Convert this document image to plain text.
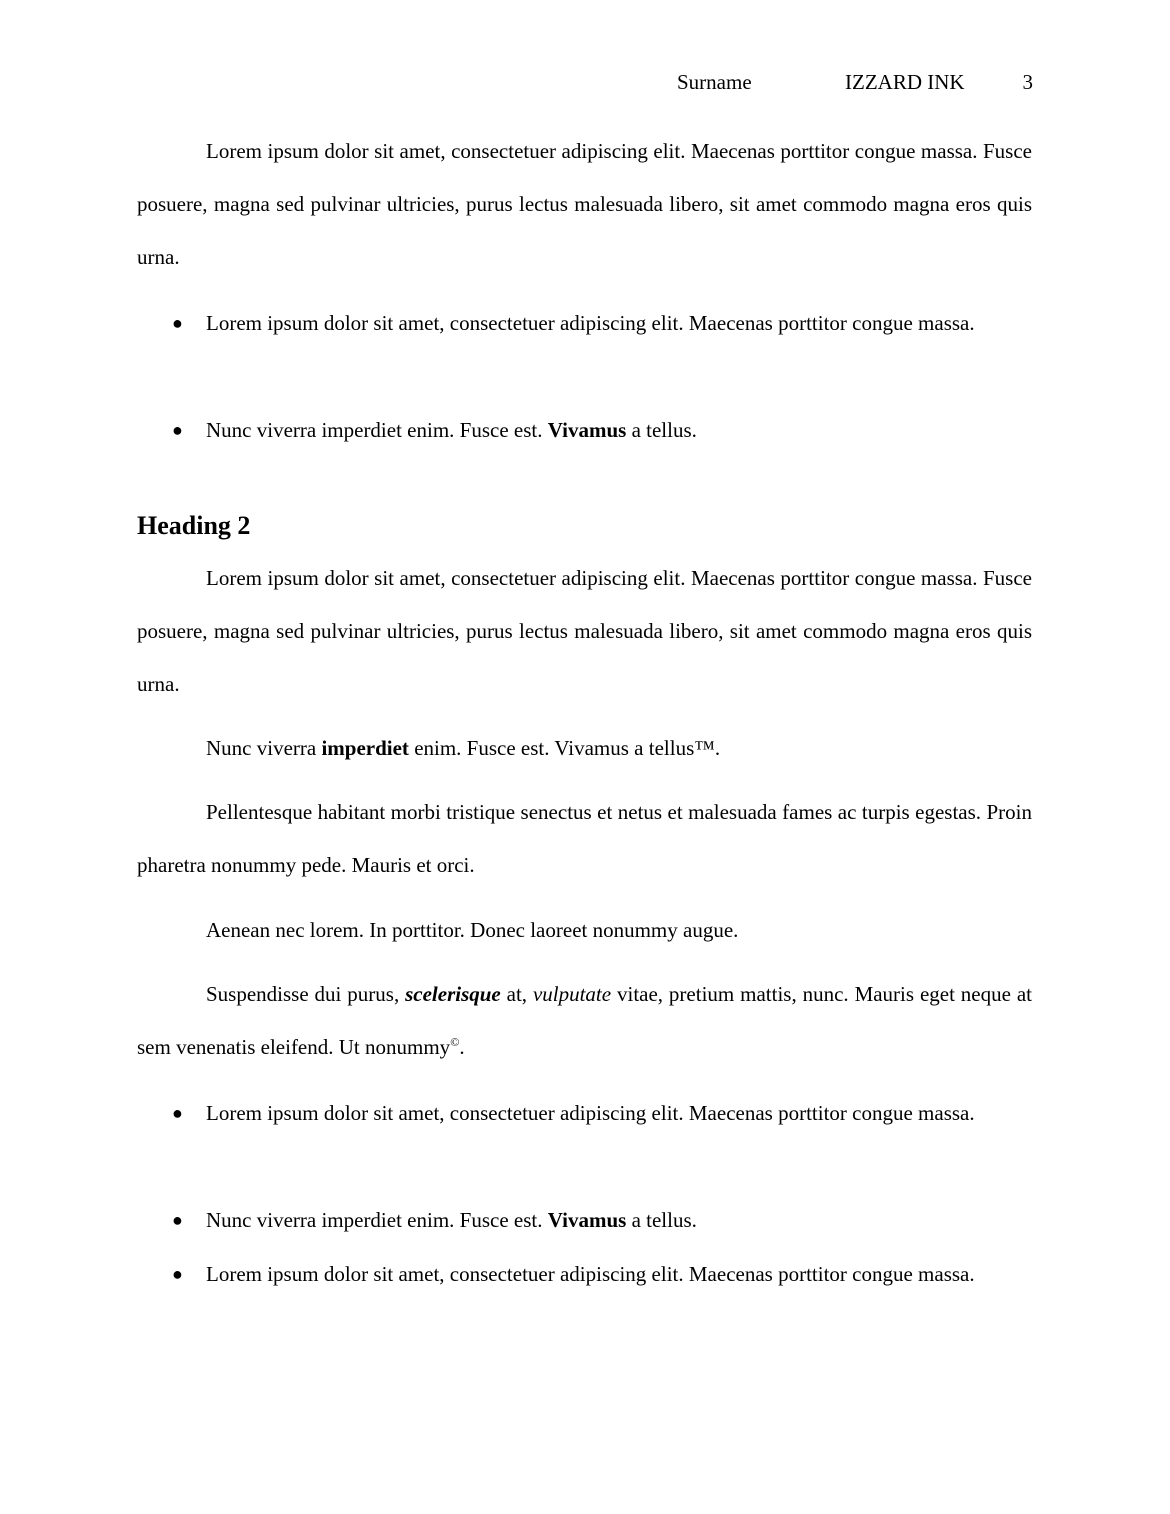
Surname	IZZARD INK	3

Lorem ipsum dolor sit amet, consectetuer adipiscing elit. Maecenas porttitor congue massa. Fusce posuere, magna sed pulvinar ultricies, purus lectus malesuada libero, sit amet commodo magna eros quis urna.

● Lorem ipsum dolor sit amet, consectetuer adipiscing elit. Maecenas porttitor congue massa.
● Nunc viverra imperdiet enim. Fusce est. Vivamus a tellus.
Heading 2

Lorem ipsum dolor sit amet, consectetuer adipiscing elit. Maecenas porttitor congue massa. Fusce posuere, magna sed pulvinar ultricies, purus lectus malesuada libero, sit amet commodo magna eros quis urna.

Nunc viverra imperdiet enim. Fusce est. Vivamus a tellus™.

Pellentesque habitant morbi tristique senectus et netus et malesuada fames ac turpis egestas. Proin pharetra nonummy pede. Mauris et orci.

Aenean nec lorem. In porttitor. Donec laoreet nonummy augue.

Suspendisse dui purus, scelerisque at, vulputate vitae, pretium mattis, nunc. Mauris eget neque at sem venenatis eleifend. Ut nonummy©.

● Lorem ipsum dolor sit amet, consectetuer adipiscing elit. Maecenas porttitor congue massa.
● Nunc viverra imperdiet enim. Fusce est. Vivamus a tellus.
● Lorem ipsum dolor sit amet, consectetuer adipiscing elit. Maecenas porttitor congue massa.
